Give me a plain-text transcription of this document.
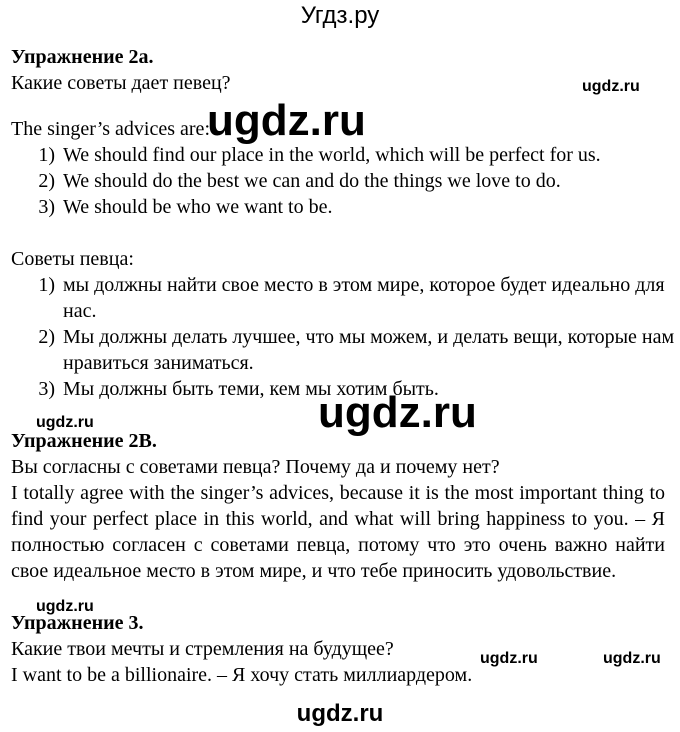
Угдз.ру
Упражнение 2а.
Какие советы дает певец?	ugdz.ru
The singer’s advices are:
ugdz.ru
1) We should find our place in the world, which will be perfect for us.
2) We should do the best we can and do the things we love to do.
3) We should be who we want to be.
Советы певца:
1) мы должны найти свое место в этом мире, которое будет идеально для
нас.
2) Мы должны делать лучшее, что мы можем, и делать вещи, которые нам
нравиться заниматься.
3) Мы должны быть теми, кем мы хотим быть.
ugdz.ru	ugdz.ru
Упражнение 2В.
Вы согласны с советами певца? Почему да и почему нет?
I totally agree with the singer’s advices, because it is the most important thing to
find your perfect place in this world, and what will bring happiness to you. – Я
полностью согласен с советами певца, потому что это очень важно найти
свое идеальное место в этом мире, и что тебе приносить удовольствие.
ugdz.ru
Упражнение 3.
Какие твои мечты и стремления на будущее?	ugdz.ru	ugdz.ru
I want to be a billionaire. – Я хочу стать миллиардером.
ugdz.ru
